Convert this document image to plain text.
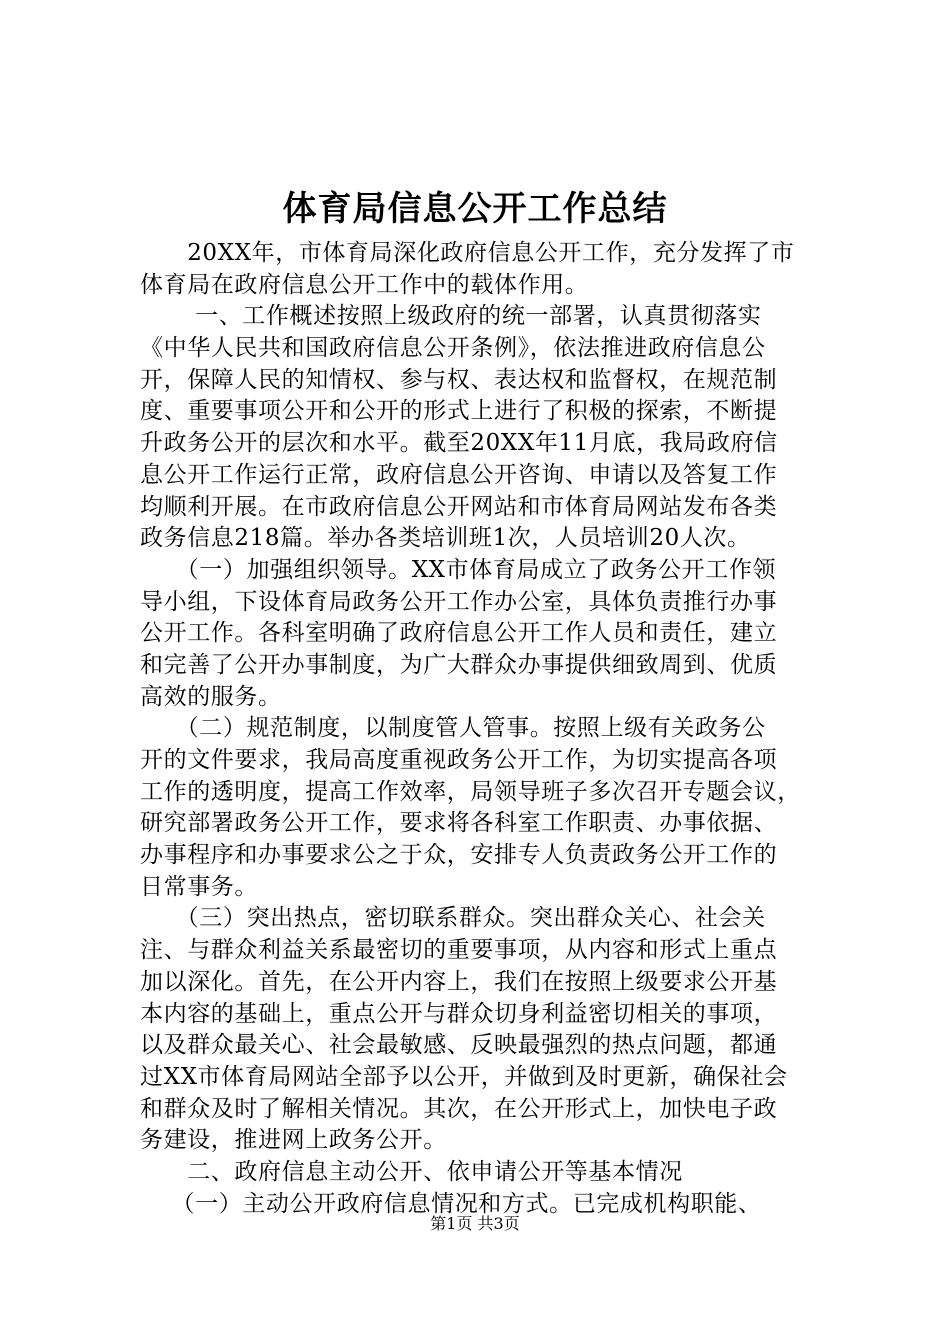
体育局信息公开工作总结
　　20XX年，市体育局深化政府信息公开工作，充分发挥了市
体育局在政府信息公开工作中的载体作用。
　　 一、工作概述按照上级政府的统一部署，认真贯彻落实
《中华人民共和国政府信息公开条例》，依法推进政府信息公
开，保障人民的知情权、参与权、表达权和监督权，在规范制
度、重要事项公开和公开的形式上进行了积极的探索，不断提
升政务公开的层次和水平。截至20XX年11月底，我局政府信
息公开工作运行正常，政府信息公开咨询、申请以及答复工作
均顺利开展。在市政府信息公开网站和市体育局网站发布各类
政务信息218篇。举办各类培训班1次，人员培训20人次。
　　（一）加强组织领导。XX市体育局成立了政务公开工作领
导小组，下设体育局政务公开工作办公室，具体负责推行办事
公开工作。各科室明确了政府信息公开工作人员和责任，建立
和完善了公开办事制度，为广大群众办事提供细致周到、优质
高效的服务。
　　（二）规范制度，以制度管人管事。按照上级有关政务公
开的文件要求，我局高度重视政务公开工作，为切实提高各项
工作的透明度，提高工作效率，局领导班子多次召开专题会议，
研究部署政务公开工作，要求将各科室工作职责、办事依据、
办事程序和办事要求公之于众，安排专人负责政务公开工作的
日常事务。
　　（三）突出热点，密切联系群众。突出群众关心、社会关
注、与群众利益关系最密切的重要事项，从内容和形式上重点
加以深化。首先，在公开内容上，我们在按照上级要求公开基
本内容的基础上，重点公开与群众切身利益密切相关的事项，
以及群众最关心、社会最敏感、反映最强烈的热点问题，都通
过XX市体育局网站全部予以公开，并做到及时更新，确保社会
和群众及时了解相关情况。其次，在公开形式上，加快电子政
务建设，推进网上政务公开。
　　二、政府信息主动公开、依申请公开等基本情况
　 （一）主动公开政府信息情况和方式。已完成机构职能、
第1页 共3页
